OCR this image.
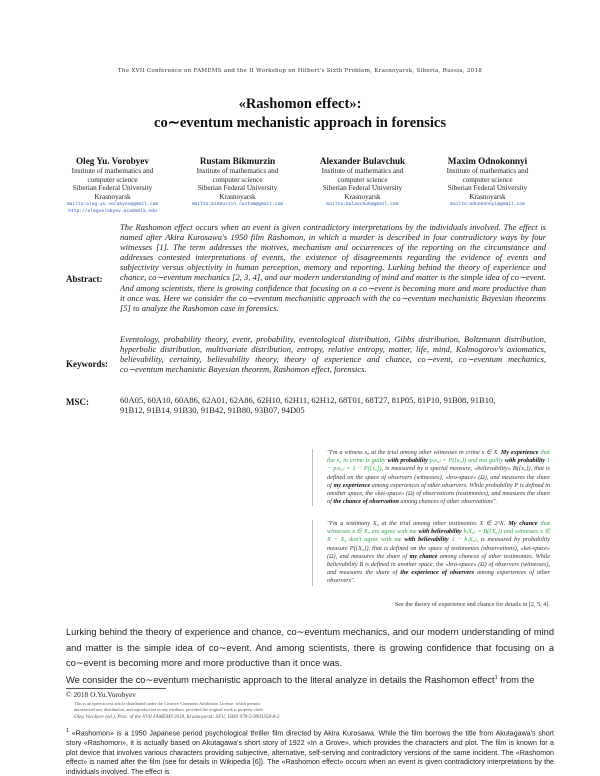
The XVII Conference on FAMEMS and the II Workshop on Hilbert's Sixth Problem, Krasnoyarsk, Siberia, Russia, 2018
«Rashomon effect»:
co∼eventum mechanistic approach in forensics
Oleg Yu. Vorobyev
Institute of mathematics and
computer science
Siberian Federal University
Krasnoyarsk
mailto:oleg.yu.vorobyev@gmail.com
http://olegvorobyev.academia.edu
Rustam Bikmurzin
Institute of mathematics and
computer science
Siberian Federal University
Krasnoyarsk
mailto:bikmurzin.rustam@gmail.com
Alexander Bulavchuk
Institute of mathematics and
computer science
Siberian Federal University
Krasnoyarsk
mailto:bulavchuk@gmail.com
Maxim Odnokonnyi
Institute of mathematics and
computer science
Siberian Federal University
Krasnoyarsk
mailto:odnokonnyi@gmail.com
Abstract:
The Rashomon effect occurs when an event is given contradictory interpretations by the individuals involved. The effect is named after Akira Kurosawa's 1950 film Rashomon, in which a murder is described in four contradictory ways by four witnesses [1]. The term addresses the motives, mechanism and occurrences of the reporting on the circumstance and addresses contested interpretations of events, the existence of disagreements regarding the evidence of events and subjectivity versus objectivity in human perception, memory and reporting. Lurking behind the theory of experience and chance, co∼eventum mechanics [2, 3, 4], and our modern understanding of mind and matter is the simple idea of co∼event. And among scientists, there is growing confidence that focusing on a co∼event is becoming more and more productive than it once was. Here we consider the co∼eventum mechanistic approach with the co∼eventum mechanistic Bayesian theorems [5] to analyze the Rashomon case in forensics.
Keywords:
Eventology, probability theory, event, probability, eventological distribution, Gibbs distribution, Boltzmann distribution, hyperbolic distribution, multivariate distribution, entropy, relative entropy, matter, life, mind, Kolmogorov's axiomatics, believability, certainty, believability theory, theory of experience and chance, co∼event, co∼eventum mechanics, co∼eventum mechanistic Bayesian theorem, Rashomon effect, forensics.
MSC:	60A05, 60A10, 60A86, 62A01, 62A86, 62H10, 62H11, 62H12, 68T01, 68T27, 81P05, 81P10, 91B08, 91B10,
91B12, 91B14, 91B30, 91B42, 91B80, 93B07, 94D05

"I'm a witness x₀ at the trial among other witnesses in crime x ∈ X. My experience that the x₀ in crime is guilty with probability p₍x₀₎ = P({x₀}) and not guilty with probability 1 − p₍x₀₎ = 1 − P({x₀}), is measured by a special measure, «believability» B({x₀}), that is defined on the space of observers (witnesses), «bra-space» (Ω), and measures the share of my experience among experiences of other observers. While probability P is defined in another space, the «ket-space» (Ω) of observations (testimonies), and measures the share of the chance of observation among chances of other observations".

"I'm a testimony X₀ at the trial among other testimonies X ∈ 2^X. My chance that witnesses x ∈ X₀ are agree with me with believability b₍X₀₎ = B({X₀}) and witnesses x ∈ X − X₀ don't agree with me with believability 1 − b₍X₀₎, is measured by probability measure P({X₀}), that is defined on the space of testimonies (observations), «ket-space» (Ω), and measures the share of my chance among chances of other testimonies. While believability B is defined in another space, the «bra-space» (Ω) of observers (witnesses), and measures the share of the experience of observers among experiences of other observers".

See the theory of experience and chance for details in [2, 5, 4].
Lurking behind the theory of experience and chance, co∼eventum mechanics, and our modern understanding of mind and matter is the simple idea of co∼event. And among scientists, there is growing confidence that focusing on a co∼event is becoming more and more productive than it once was.
We consider the co∼eventum mechanistic approach to the literal analyze in details the Rashomon effect$^1$ from the
© 2018 O.Yu.Vorobyev
This is an open-access article distributed under the Creative Commons Attribution License, which permits
unrestricted use, distribution, and reproduction in any medium, provided the original work is properly cited.
Oleg Vorobyev (ed.), Proc. of the XVII FAMEMS'2018, Krasnoyarsk: SFU, ISBN 978-5-9903358-8-2
$^1$ «Rashomon» is a 1950 Japanese period psychological thriller film directed by Akira Kurosawa. While the film borrows the title from Akutagawa's short story «Rashomon», it is actually based on Akutagawa's short story of 1922 «In a Grove», which provides the characters and plot. The film is known for a plot device that involves various characters providing subjective, alternative, self-serving and contradictory versions of the same incident. The «Rashomon effect» is named after the film (see for details in Wikipedia [6]). The «Rashomon effect» occurs when an event is given contradictory interpretations by the individuals involved. The effect is
